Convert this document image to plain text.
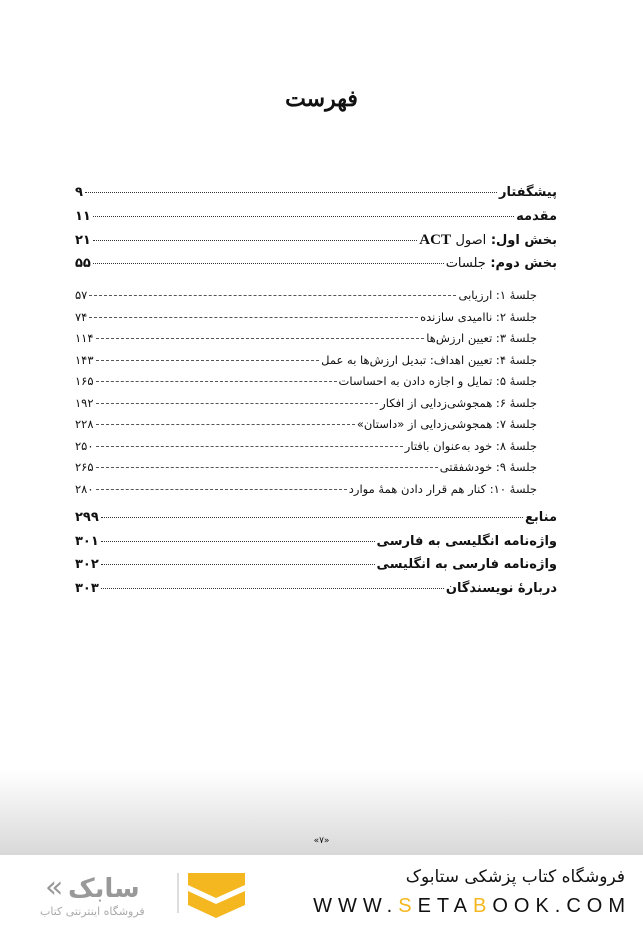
فهرست
پیشگفتار
۹
مقدمه
۱۱
بخش اول: اصول ACT
۲۱
بخش دوم: جلسات
۵۵
جلسهٔ ۱: ارزیابی
۵۷
جلسهٔ ۲: ناامیدی سازنده
۷۴
جلسهٔ ۳: تعیین ارزش‌ها
۱۱۴
جلسهٔ ۴: تعیین اهداف: تبدیل ارزش‌ها به عمل
۱۴۳
جلسهٔ ۵: تمایل و اجازه دادن به احساسات
۱۶۵
جلسهٔ ۶: همجوشی‌زدایی از افکار
۱۹۲
جلسهٔ ۷: همجوشی‌زدایی از «داستان»
۲۲۸
جلسهٔ ۸: خود به‌عنوان بافتار
۲۵۰
جلسهٔ ۹: خودشفقتی
۲۶۵
جلسهٔ ۱۰: کنار هم قرار دادن همهٔ موارد
۲۸۰
منابع
۲۹۹
واژه‌نامه انگلیسی به فارسی
۳۰۱
واژه‌نامه فارسی به انگلیسی
۳۰۲
دربارهٔ نویسندگان
۳۰۳
«۷»
« سابک
فروشگاه اینترنتی کتاب
فروشگاه کتاب پزشکی ستابوک
WWW.SETABOOK.COM
